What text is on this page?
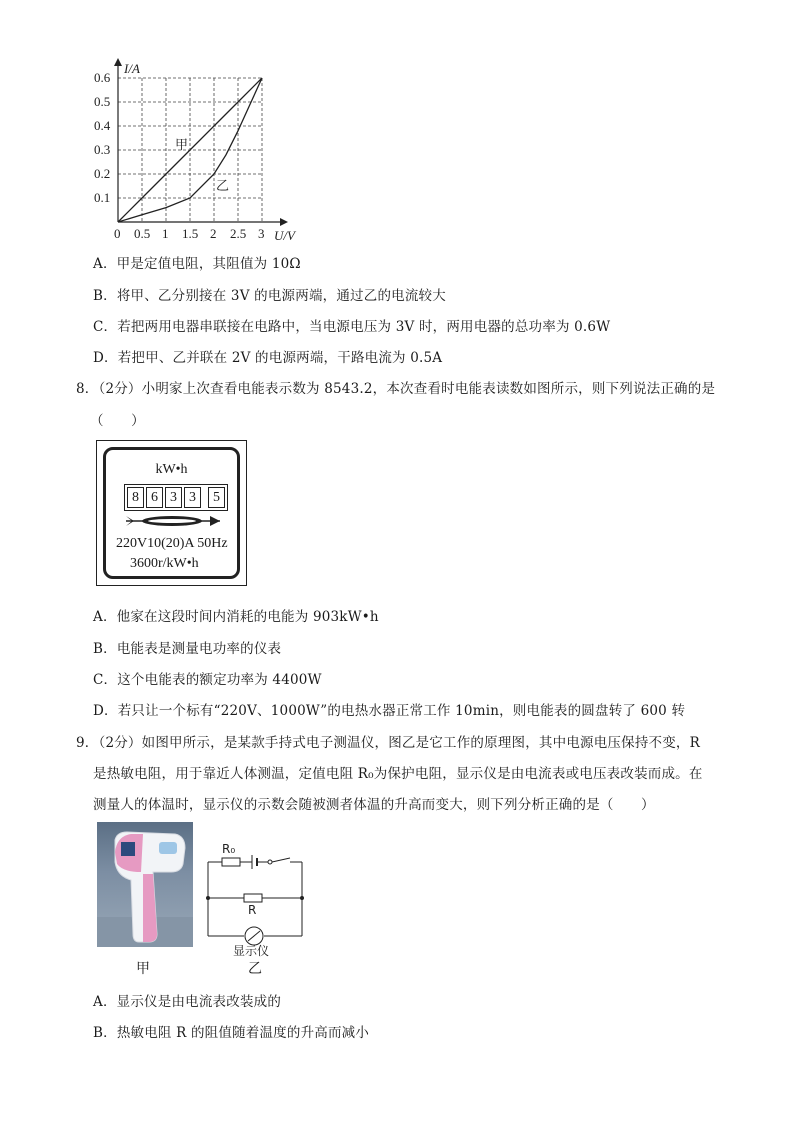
0 0.5 1 1.5 2 2.5 3
0.1
0.2
0.3
0.4
0.5
0.6
I/A
U/V
甲
乙
A．甲是定值电阻，其阻值为 10Ω
B．将甲、乙分别接在 3V 的电源两端，通过乙的电流较大
C．若把两用电器串联接在电路中，当电源电压为 3V 时，两用电器的总功率为 0.6W
D．若把甲、乙并联在 2V 的电源两端，干路电流为 0.5A
8．（2分）小明家上次查看电能表示数为 8543.2，本次查看时电能表读数如图所示，则下列说法正确的是
（　　）
kW•h
8 6 3 3	5
220V10(20)A 50Hz
3600r/kW•h
A．他家在这段时间内消耗的电能为 903kW•h
B．电能表是测量电功率的仪表
C．这个电能表的额定功率为 4400W
D．若只让一个标有“220V、1000W”的电热水器正常工作 10min，则电能表的圆盘转了 600 转
9．（2分）如图甲所示，是某款手持式电子测温仪，图乙是它工作的原理图，其中电源电压保持不变，R
是热敏电阻，用于靠近人体测温，定值电阻 R₀为保护电阻，显示仪是由电流表或电压表改装而成。在
测量人的体温时，显示仪的示数会随被测者体温的升高而变大，则下列分析正确的是（　　）
甲
R₀
R
显示仪
乙
A．显示仪是由电流表改装成的
B．热敏电阻 R 的阻值随着温度的升高而减小
